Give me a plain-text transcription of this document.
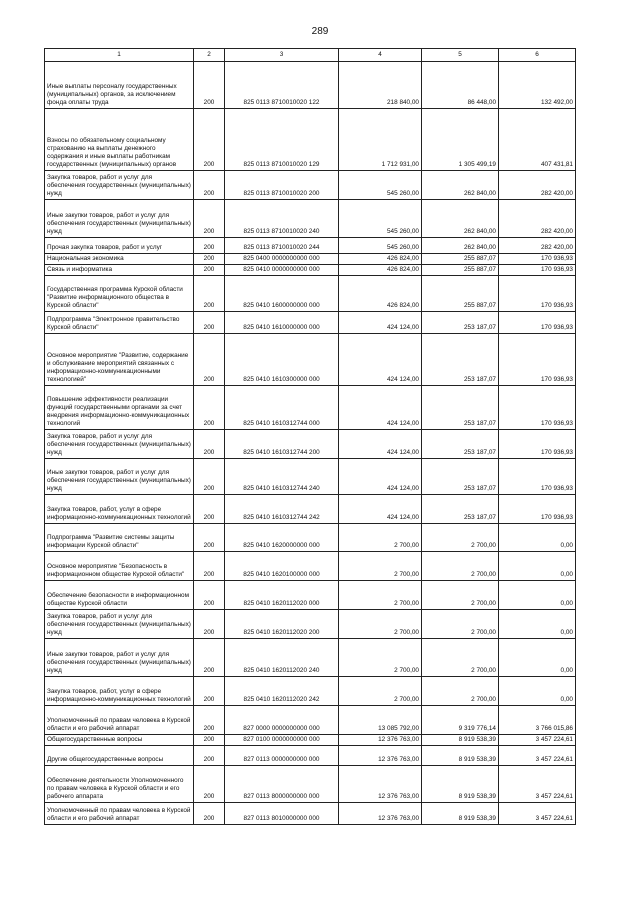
289
1	2	3	4	5	6
Иные выплаты персоналу государственных (муниципальных) органов, за исключением фонда оплаты труда	200	825 0113 8710010020 122	218 840,00	86 448,00	132 492,00
Взносы по обязательному социальному страхованию на выплаты денежного содержания и иные выплаты работникам государственных (муниципальных) органов	200	825 0113 8710010020 129	1 712 931,00	1 305 499,19	407 431,81
Закупка товаров, работ и услуг для обеспечения государственных (муниципальных) нужд	200	825 0113 8710010020 200	545 260,00	262 840,00	282 420,00
Иные закупки товаров, работ и услуг для обеспечения государственных (муниципальных) нужд	200	825 0113 8710010020 240	545 260,00	262 840,00	282 420,00
Прочая закупка товаров, работ и услуг	200	825 0113 8710010020 244	545 260,00	262 840,00	282 420,00
Национальная экономика	200	825 0400 0000000000 000	426 824,00	255 887,07	170 936,93
Связь и информатика	200	825 0410 0000000000 000	426 824,00	255 887,07	170 936,93
Государственная программа Курской области "Развитие информационного общества в Курской области"	200	825 0410 1600000000 000	426 824,00	255 887,07	170 936,93
Подпрограмма "Электронное правительство Курской области"	200	825 0410 1610000000 000	424 124,00	253 187,07	170 936,93
Основное мероприятие "Развитие, содержание и обслуживание мероприятий связанных с информационно-коммуникационными технологией"	200	825 0410 1610300000 000	424 124,00	253 187,07	170 936,93
Повышение эффективности реализации функций государственными органами за счет внедрения информационно-коммуникационных технологий	200	825 0410 1610312744 000	424 124,00	253 187,07	170 936,93
Закупка товаров, работ и услуг для обеспечения государственных (муниципальных) нужд	200	825 0410 1610312744 200	424 124,00	253 187,07	170 936,93
Иные закупки товаров, работ и услуг для обеспечения государственных (муниципальных) нужд	200	825 0410 1610312744 240	424 124,00	253 187,07	170 936,93
Закупка товаров, работ, услуг в сфере информационно-коммуникационных технологий	200	825 0410 1610312744 242	424 124,00	253 187,07	170 936,93
Подпрограмма "Развитие системы защиты информации Курской области"	200	825 0410 1620000000 000	2 700,00	2 700,00	0,00
Основное мероприятие "Безопасность в информационном обществе Курской области"	200	825 0410 1620100000 000	2 700,00	2 700,00	0,00
Обеспечение безопасности в информационном обществе Курской области	200	825 0410 1620112020 000	2 700,00	2 700,00	0,00
Закупка товаров, работ и услуг для обеспечения государственных (муниципальных) нужд	200	825 0410 1620112020 200	2 700,00	2 700,00	0,00
Иные закупки товаров, работ и услуг для обеспечения государственных (муниципальных) нужд	200	825 0410 1620112020 240	2 700,00	2 700,00	0,00
Закупка товаров, работ, услуг в сфере информационно-коммуникационных технологий	200	825 0410 1620112020 242	2 700,00	2 700,00	0,00
Уполномоченный по правам человека в Курской области и его рабочий аппарат	200	827 0000 0000000000 000	13 085 792,00	9 319 776,14	3 766 015,86
Общегосударственные вопросы	200	827 0100 0000000000 000	12 376 763,00	8 919 538,39	3 457 224,61
Другие общегосударственные вопросы	200	827 0113 0000000000 000	12 376 763,00	8 919 538,39	3 457 224,61
Обеспечение деятельности Уполномоченного по правам человека в Курской области и его рабочего аппарата	200	827 0113 8000000000 000	12 376 763,00	8 919 538,39	3 457 224,61
Уполномоченный по правам человека в Курской области и его рабочий аппарат	200	827 0113 8010000000 000	12 376 763,00	8 919 538,39	3 457 224,61
